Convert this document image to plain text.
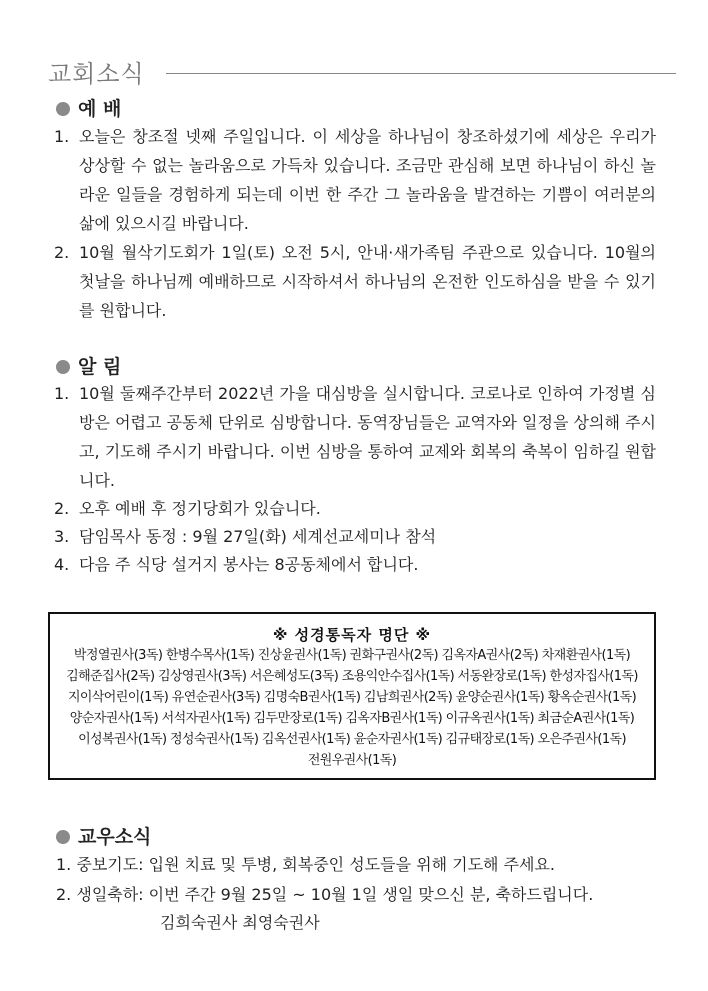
교회소식
예 배
1. 오늘은 창조절 넷째 주일입니다. 이 세상을 하나님이 창조하셨기에 세상은 우리가 상상할 수 없는 놀라움으로 가득차 있습니다. 조금만 관심해 보면 하나님이 하신 놀라운 일들을 경험하게 되는데 이번 한 주간 그 놀라움을 발견하는 기쁨이 여러분의 삶에 있으시길 바랍니다.
2. 10월 월삭기도회가 1일(토) 오전 5시, 안내·새가족팀 주관으로 있습니다. 10월의 첫날을 하나님께 예배하므로 시작하셔서 하나님의 온전한 인도하심을 받을 수 있기를 원합니다.
알 림
1. 10월 둘째주간부터 2022년 가을 대심방을 실시합니다. 코로나로 인하여 가정별 심방은 어렵고 공동체 단위로 심방합니다. 동역장님들은 교역자와 일정을 상의해 주시고, 기도해 주시기 바랍니다. 이번 심방을 통하여 교제와 회복의 축복이 임하길 원합니다.
2. 오후 예배 후 정기당회가 있습니다.
3. 담임목사 동정 : 9월 27일(화) 세계선교세미나 참석
4. 다음 주 식당 설거지 봉사는 8공동체에서 합니다.
※ 성경통독자 명단 ※
박정열권사(3독) 한병수목사(1독) 진상윤권사(1독) 권화구권사(2독) 김옥자A권사(2독) 차재환권사(1독)
김해준집사(2독) 김상영권사(3독) 서은혜성도(3독) 조용익안수집사(1독) 서동완장로(1독) 한성자집사(1독)
지이삭어린이(1독) 유연순권사(3독) 김명숙B권사(1독) 김남희권사(2독) 윤양순권사(1독) 황옥순권사(1독)
양순자권사(1독) 서석자권사(1독) 김두만장로(1독) 김옥자B권사(1독) 이규옥권사(1독) 최금순A권사(1독)
이성복권사(1독) 정성숙권사(1독) 김옥선권사(1독) 윤순자권사(1독) 김규태장로(1독) 오은주권사(1독)
전원우권사(1독)
교우소식
1. 중보기도: 입원 치료 및 투병, 회복중인 성도들을 위해 기도해 주세요.
2. 생일축하: 이번 주간 9월 25일 ~ 10월 1일 생일 맞으신 분, 축하드립니다.
김희숙권사 최영숙권사
